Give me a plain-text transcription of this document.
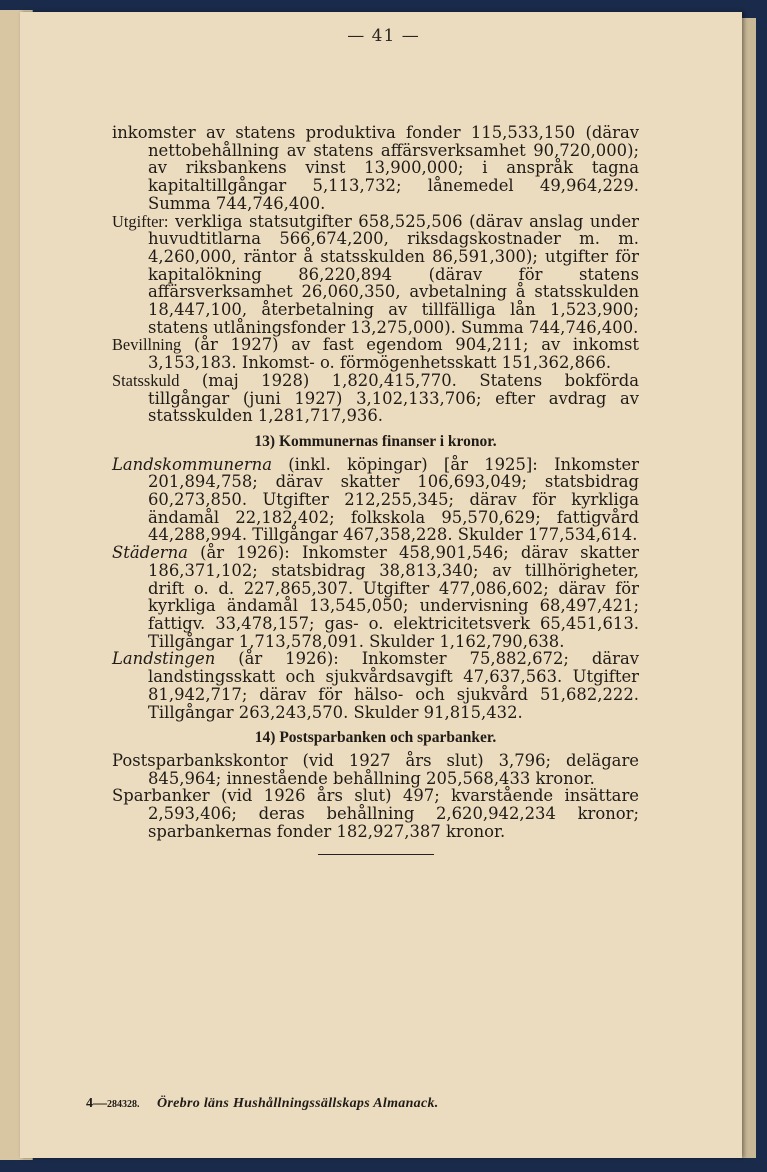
— 41 —

inkomster av statens produktiva fonder 115,533,150 (därav nettobehållning av statens affärsverksamhet 90,720,000); av riksbankens vinst 13,900,000; i anspråk tagna kapitaltillgångar 5,113,732; lånemedel 49,964,229. Summa 744,746,400.

Utgifter: verkliga statsutgifter 658,525,506 (därav anslag under huvudtitlarna 566,674,200, riksdagskostnader m. m. 4,260,000, räntor å statsskulden 86,591,300); utgifter för kapitalökning 86,220,894 (därav för statens affärsverksamhet 26,060,350, avbetalning å statsskulden 18,447,100, återbetalning av tillfälliga lån 1,523,900; statens utlåningsfonder 13,275,000). Summa 744,746,400.

Bevillning (år 1927) av fast egendom 904,211; av inkomst 3,153,183. Inkomst- o. förmögenhetsskatt 151,362,866.

Statsskuld (maj 1928) 1,820,415,770. Statens bokförda tillgångar (juni 1927) 3,102,133,706; efter avdrag av statsskulden 1,281,717,936.

13) Kommunernas finanser i kronor.

Landskommunerna (inkl. köpingar) [år 1925]: Inkomster 201,894,758; därav skatter 106,693,049; statsbidrag 60,273,850. Utgifter 212,255,345; därav för kyrkliga ändamål 22,182,402; folkskola 95,570,629; fattigvård 44,288,994. Tillgångar 467,358,228. Skulder 177,534,614.

Städerna (år 1926): Inkomster 458,901,546; därav skatter 186,371,102; statsbidrag 38,813,340; av tillhörigheter, drift o. d. 227,865,307. Utgifter 477,086,602; därav för kyrkliga ändamål 13,545,050; undervisning 68,497,421; fattigv. 33,478,157; gas- o. elektricitetsverk 65,451,613. Tillgångar 1,713,578,091. Skulder 1,162,790,638.

Landstingen (år 1926): Inkomster 75,882,672; därav landstingsskatt och sjukvårdsavgift 47,637,563. Utgifter 81,942,717; därav för hälso- och sjukvård 51,682,222. Tillgångar 263,243,570. Skulder 91,815,432.

14) Postsparbanken och sparbanker.

Postsparbankskontor (vid 1927 års slut) 3,796; delägare 845,964; innestående behållning 205,568,433 kronor.

Sparbanker (vid 1926 års slut) 497; kvarstående insättare 2,593,406; deras behållning 2,620,942,234 kronor; sparbankernas fonder 182,927,387 kronor.

4—284328. Örebro läns Hushållningssällskaps Almanack.
